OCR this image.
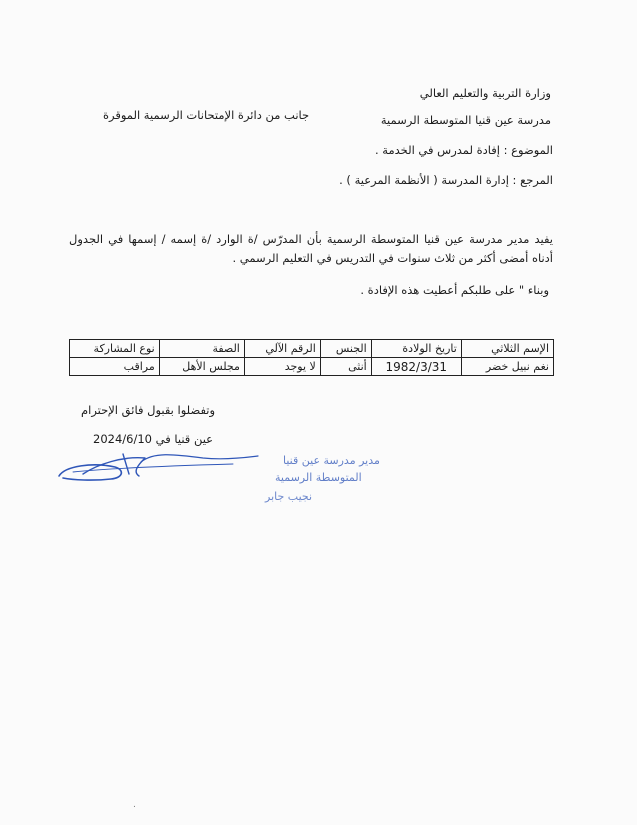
وزارة التربية والتعليم العالي
مدرسة عين قنيا المتوسطة الرسمية
جانب من دائرة الإمتحانات الرسمية الموقرة
الموضوع : إفادة لمدرس في الخدمة .
المرجع : إدارة المدرسة ( الأنظمة المرعية ) .
يفيد مدير مدرسة عين قنيا المتوسطة الرسمية بأن المدرّس /ة الوارد /ة إسمه / إسمها في الجدول أدناه أمضى أكثر من ثلاث سنوات في التدريس في التعليم الرسمي .
وبناء " على طلبكم أعطيت هذه الإفادة .
الإسم الثلاثي	تاريخ الولادة	الجنس	الرقم الآلي	الصفة	نوع المشاركة
نغم نبيل خضر	1982/3/31	أنثى	لا يوجد	مجلس الأهل	مراقب
وتفضلوا بقبول فائق الإحترام
عين قنيا في 2024/6/10
مدير مدرسة عين قنيا
المتوسطة الرسمية
نجيب جابر
.
